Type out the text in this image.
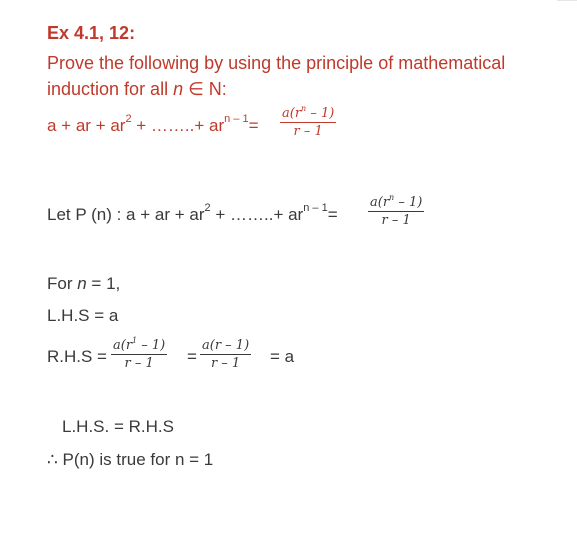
Ex 4.1, 12:
Prove the following by using the principle of mathematical
induction for all n ∈ N:
a + ar + $ar^2$ + ……..+ $ar^{n - 1}= \frac{a(r^n - 1)}{r - 1}$
Let P (n) : a + ar + $ar^2$ + ……..+ $ar^{n - 1}= \frac{a(r^n - 1)}{r - 1}$
For n = 1,
L.H.S = a
$R.H.S = \frac{a(r^1 - 1)}{r - 1} = \frac{a(r - 1)}{r - 1} = a$
L.H.S. = R.H.S
∴ P(n) is true for n = 1
